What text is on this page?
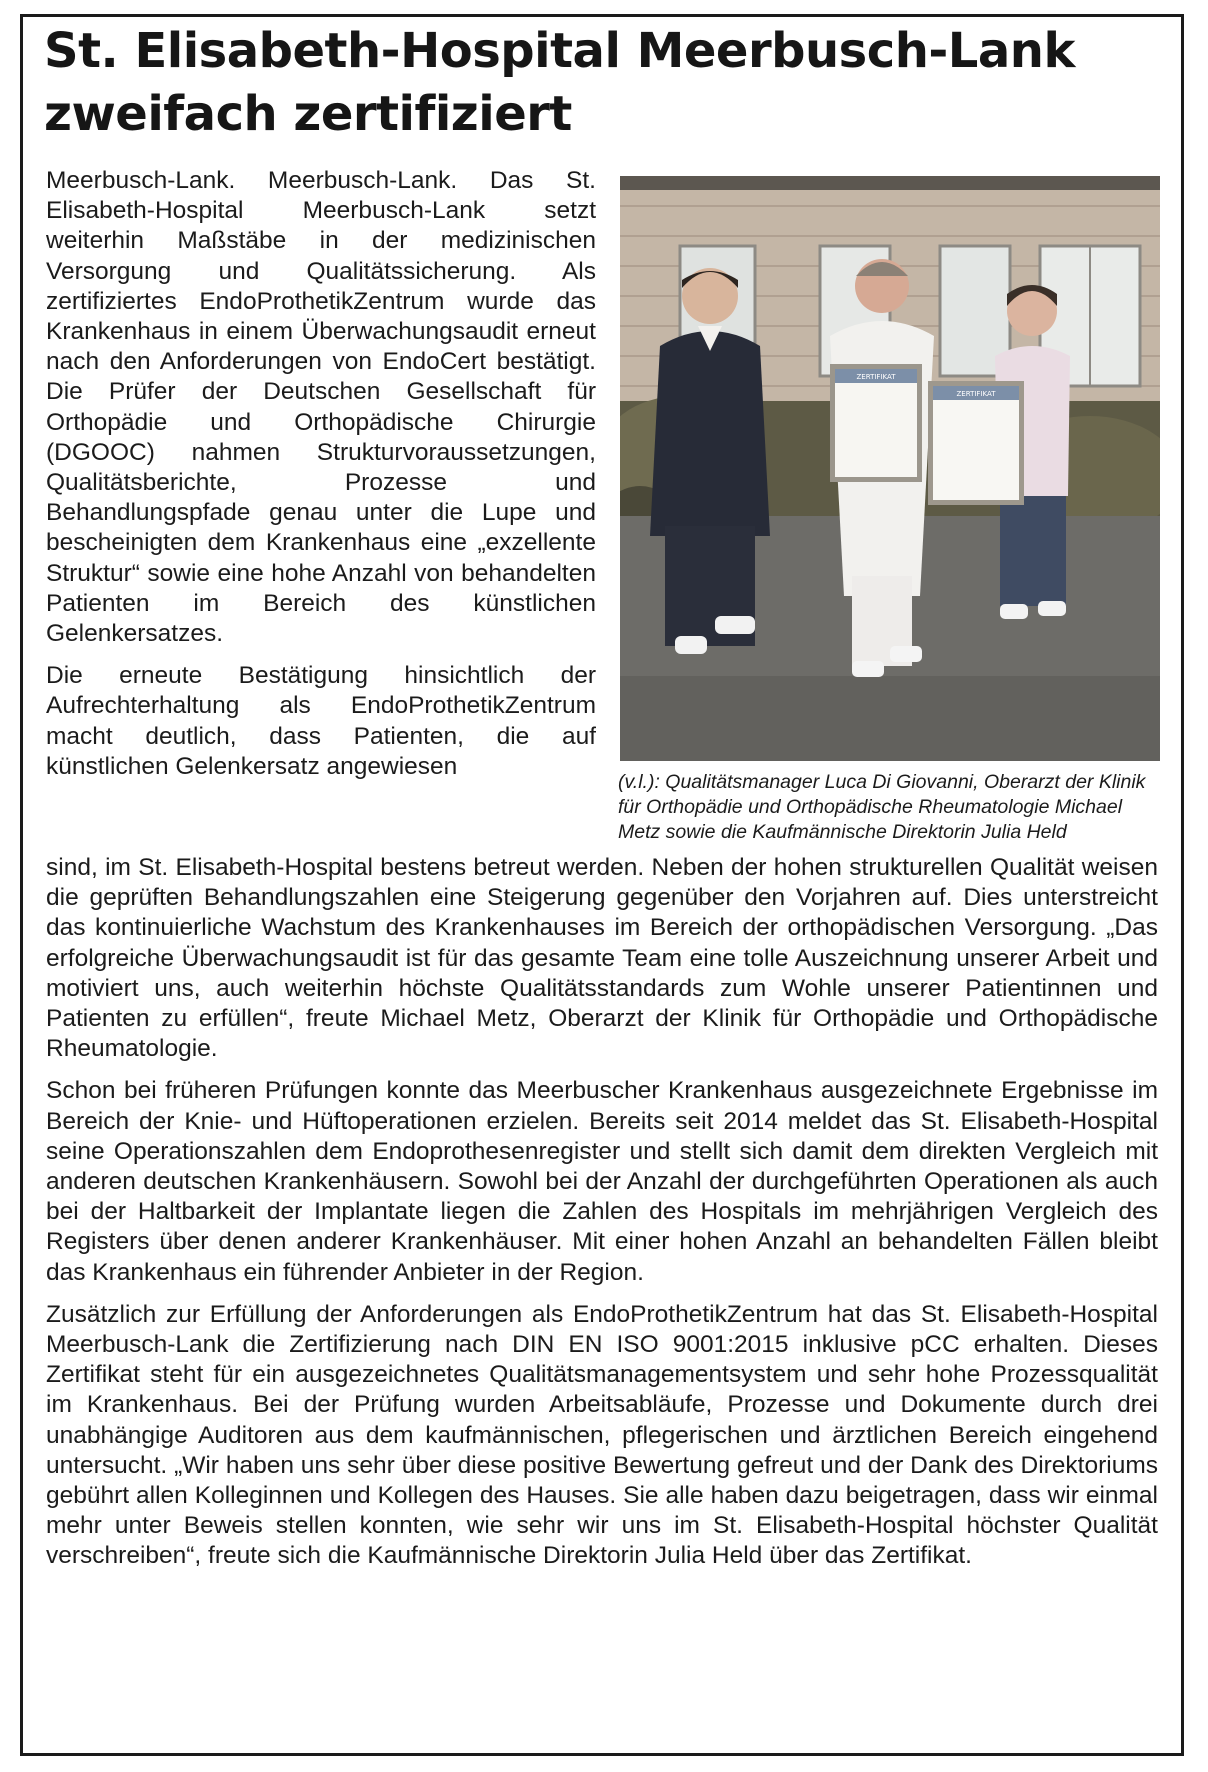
St. Elisabeth-Hospital Meerbusch-Lank
zweifach zertifiziert

Meerbusch-Lank. Meerbusch-Lank. Das St. Elisabeth-Hospital Meerbusch-Lank setzt weiterhin Maßstäbe in der medizinischen Versorgung und Qualitätssicherung. Als zertifiziertes EndoProthetikZentrum wurde das Krankenhaus in einem Überwachungsaudit erneut nach den Anforderungen von EndoCert bestätigt. Die Prüfer der Deutschen Gesellschaft für Orthopädie und Orthopädische Chirurgie (DGOOC) nahmen Strukturvoraussetzungen, Qualitätsberichte, Prozesse und Behandlungspfade genau unter die Lupe und bescheinigten dem Krankenhaus eine „exzellente Struktur“ sowie eine hohe Anzahl von behandelten Patienten im Bereich des künstlichen Gelenkersatzes.

Die erneute Bestätigung hinsichtlich der Aufrechterhaltung als EndoProthetikZentrum macht deutlich, dass Patienten, die auf künstlichen Gelenkersatz angewiesen

ZERTIFIKAT
ZERTIFIKAT

(v.l.): Qualitätsmanager Luca Di Giovanni, Oberarzt der Klinik für Orthopädie und Orthopädische Rheumatologie Michael Metz sowie die Kaufmännische Direktorin Julia Held

sind, im St. Elisabeth-Hospital bestens betreut werden. Neben der hohen strukturellen Qualität weisen die geprüften Behandlungszahlen eine Steigerung gegenüber den Vorjahren auf. Dies unterstreicht das kontinuierliche Wachstum des Krankenhauses im Bereich der orthopädischen Versorgung. „Das erfolgreiche Überwachungsaudit ist für das gesamte Team eine tolle Auszeichnung unserer Arbeit und motiviert uns, auch weiterhin höchste Qualitätsstandards zum Wohle unserer Patientinnen und Patienten zu erfüllen“, freute Michael Metz, Oberarzt der Klinik für Orthopädie und Orthopädische Rheumatologie.

Schon bei früheren Prüfungen konnte das Meerbuscher Krankenhaus ausgezeichnete Ergebnisse im Bereich der Knie- und Hüftoperationen erzielen. Bereits seit 2014 meldet das St. Elisabeth-Hospital seine Operationszahlen dem Endoprothesenregister und stellt sich damit dem direkten Vergleich mit anderen deutschen Krankenhäusern. Sowohl bei der Anzahl der durchgeführten Operationen als auch bei der Haltbarkeit der Implantate liegen die Zahlen des Hospitals im mehrjährigen Vergleich des Registers über denen anderer Krankenhäuser. Mit einer hohen Anzahl an behandelten Fällen bleibt das Krankenhaus ein führender Anbieter in der Region.

Zusätzlich zur Erfüllung der Anforderungen als EndoProthetikZentrum hat das St. Elisabeth-Hospital Meerbusch-Lank die Zertifizierung nach DIN EN ISO 9001:2015 inklusive pCC erhalten. Dieses Zertifikat steht für ein ausgezeichnetes Qualitätsmanagementsystem und sehr hohe Prozessqualität im Krankenhaus. Bei der Prüfung wurden Arbeitsabläufe, Prozesse und Dokumente durch drei unabhängige Auditoren aus dem kaufmännischen, pflegerischen und ärztlichen Bereich eingehend untersucht. „Wir haben uns sehr über diese positive Bewertung gefreut und der Dank des Direktoriums gebührt allen Kolleginnen und Kollegen des Hauses. Sie alle haben dazu beigetragen, dass wir einmal mehr unter Beweis stellen konnten, wie sehr wir uns im St. Elisabeth-Hospital höchster Qualität verschreiben“, freute sich die Kaufmännische Direktorin Julia Held über das Zertifikat.
